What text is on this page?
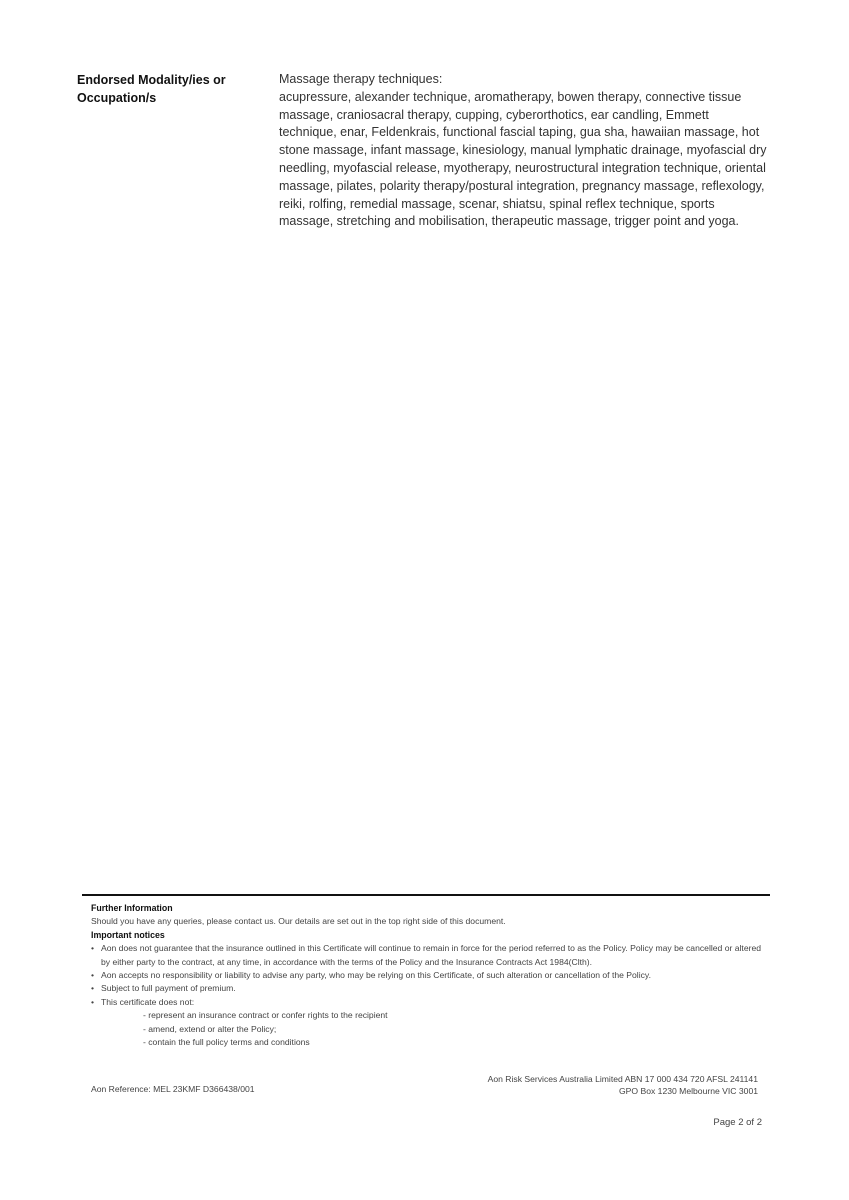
Endorsed Modality/ies or
Occupation/s
Massage therapy techniques:
acupressure, alexander technique, aromatherapy, bowen therapy, connective tissue massage, craniosacral therapy, cupping, cyberorthotics, ear candling, Emmett technique, enar, Feldenkrais, functional fascial taping, gua sha, hawaiian massage, hot stone massage, infant massage, kinesiology, manual lymphatic drainage, myofascial dry needling, myofascial release, myotherapy, neurostructural integration technique, oriental massage, pilates, polarity therapy/postural integration, pregnancy massage, reflexology, reiki, rolfing, remedial massage, scenar, shiatsu, spinal reflex technique, sports massage, stretching and mobilisation, therapeutic massage, trigger point and yoga.
Further Information
Should you have any queries, please contact us. Our details are set out in the top right side of this document.
Important notices
• Aon does not guarantee that the insurance outlined in this Certificate will continue to remain in force for the period referred to as the Policy. Policy may be cancelled or altered by either party to the contract, at any time, in accordance with the terms of the Policy and the Insurance Contracts Act 1984(Clth).
• Aon accepts no responsibility or liability to advise any party, who may be relying on this Certificate, of such alteration or cancellation of the Policy.
• Subject to full payment of premium.
• This certificate does not:
- represent an insurance contract or confer rights to the recipient
- amend, extend or alter the Policy;
- contain the full policy terms and conditions
Aon Reference: MEL 23KMF D366438/001
Aon Risk Services Australia Limited ABN 17 000 434 720 AFSL 241141
GPO Box 1230 Melbourne VIC 3001
Page 2 of 2
